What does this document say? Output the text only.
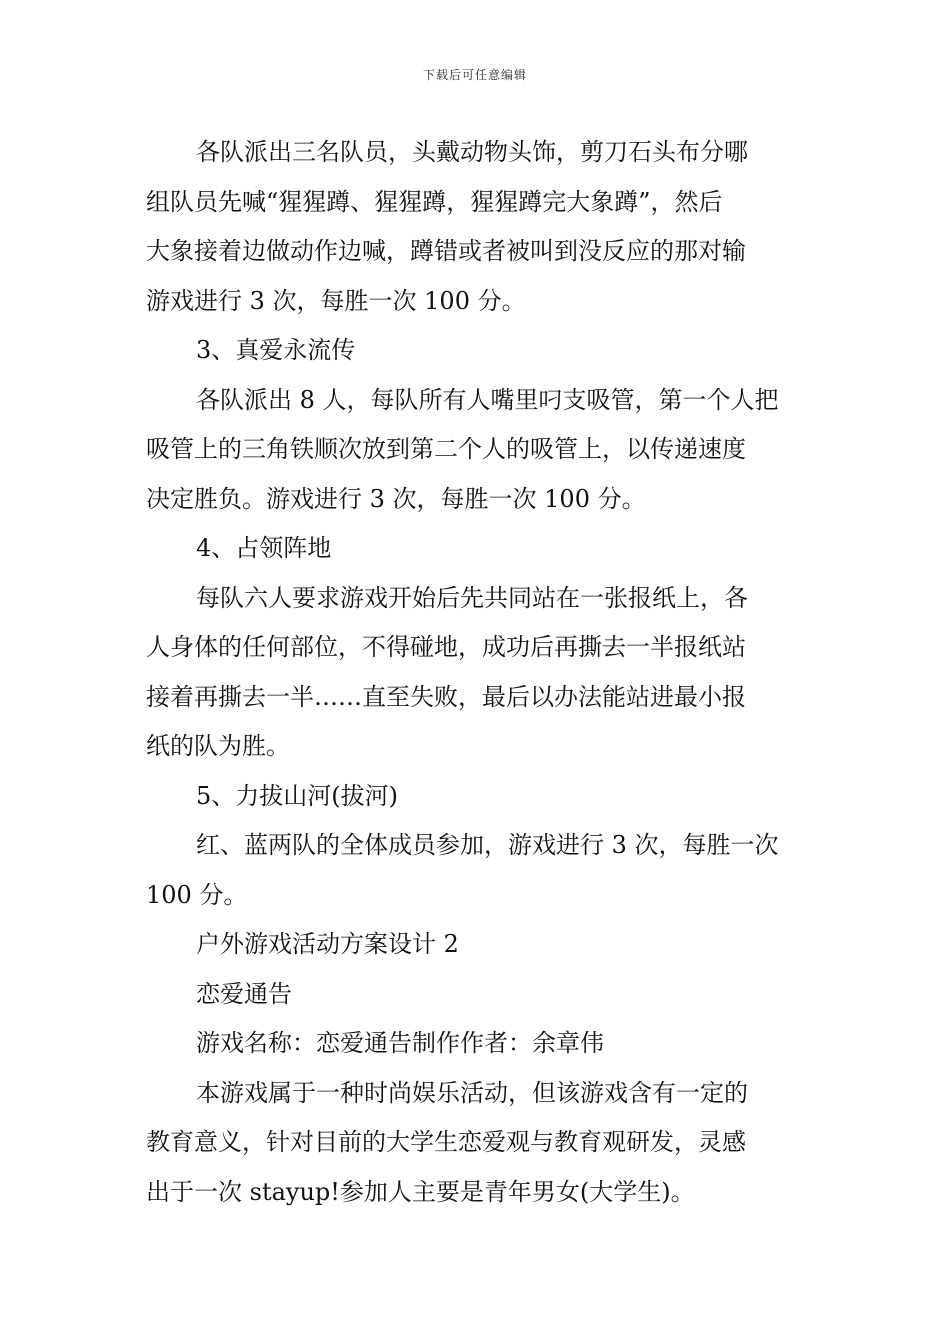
下载后可任意编辑
各队派出三名队员，头戴动物头饰，剪刀石头布分哪
组队员先喊“猩猩蹲、猩猩蹲，猩猩蹲完大象蹲”，然后
大象接着边做动作边喊，蹲错或者被叫到没反应的那对输
游戏进行 3 次，每胜一次 100 分。
3、真爱永流传
各队派出 8 人，每队所有人嘴里叼支吸管，第一个人把
吸管上的三角铁顺次放到第二个人的吸管上，以传递速度
决定胜负。游戏进行 3 次，每胜一次 100 分。
4、占领阵地
每队六人要求游戏开始后先共同站在一张报纸上，各
人身体的任何部位，不得碰地，成功后再撕去一半报纸站
接着再撕去一半……直至失败，最后以办法能站进最小报
纸的队为胜。
5、力拔山河(拔河)
红、蓝两队的全体成员参加，游戏进行 3 次，每胜一次
100 分。
户外游戏活动方案设计 2
恋爱通告
游戏名称：恋爱通告制作作者：余章伟
本游戏属于一种时尚娱乐活动，但该游戏含有一定的
教育意义，针对目前的大学生恋爱观与教育观研发，灵感
出于一次 stayup!参加人主要是青年男女(大学生)。
